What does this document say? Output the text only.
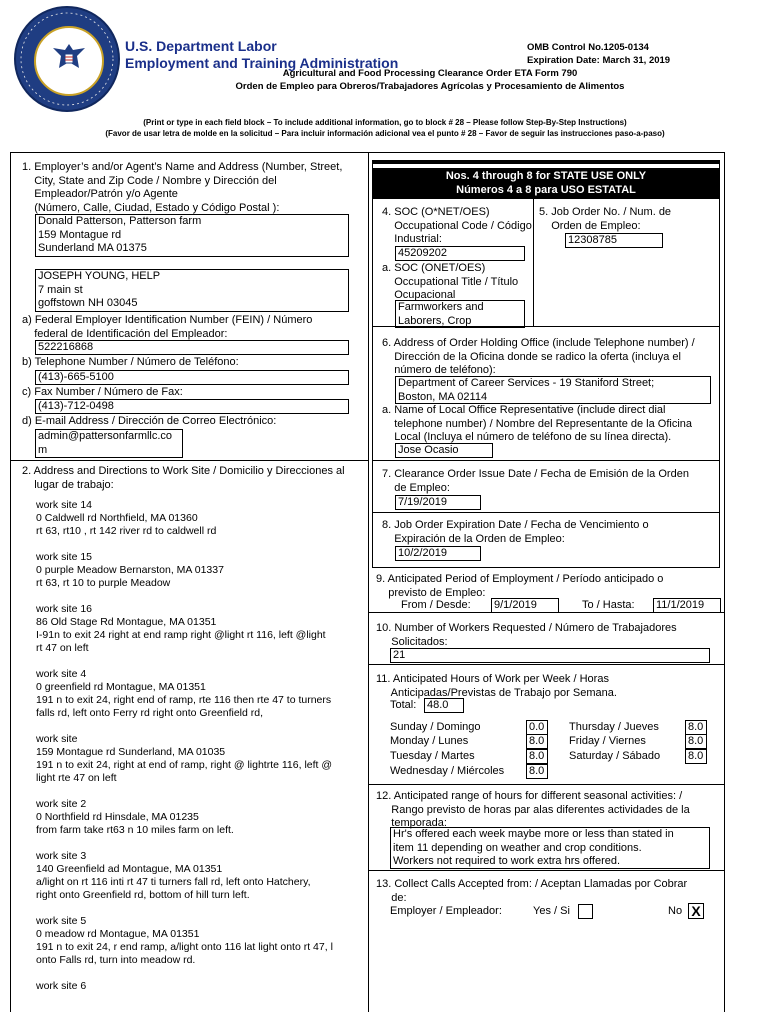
U.S. Department Labor
Employment and Training Administration
OMB Control No.1205-0134
Expiration Date: March 31, 2019
Agricultural and Food Processing Clearance Order ETA Form 790
Orden de Empleo para Obreros/Trabajadores Agrícolas y Procesamiento de Alimentos
(Print or type in each field block – To include additional information, go to block # 28 – Please follow Step-By-Step Instructions)
(Favor de usar letra de molde en la solicitud – Para incluir información adicional vea el punto # 28 – Favor de seguir las instrucciones paso-a-paso)
1. Employer’s and/or Agent’s Name and Address (Number, Street,
City, State and Zip Code / Nombre y Dirección del
Empleador/Patrón y/o Agente
(Número, Calle, Ciudad, Estado y Código Postal ):
Donald Patterson, Patterson farm
159 Montague rd
Sunderland MA 01375
JOSEPH YOUNG, HELP
7 main st
goffstown NH 03045
a) Federal Employer Identification Number (FEIN) / Número
federal de Identificación del Empleador:
522216868
b) Telephone Number / Número de Teléfono:
(413)-665-5100
c) Fax Number / Número de Fax:
(413)-712-0498
d) E-mail Address / Dirección de Correo Electrónico:
admin@pattersonfarmllc.co
m
2. Address and Directions to Work Site / Domicilio y Direcciones al
lugar de trabajo:
work site 14
0 Caldwell rd Northfield, MA 01360
rt 63, rt10 , rt 142 river rd to caldwell rd

work site 15
0 purple Meadow Bernarston, MA 01337
rt 63, rt 10 to purple Meadow

work site 16
86 Old Stage Rd Montague, MA 01351
I-91n to exit 24 right at end ramp right @light rt 116, left @light
rt 47 on left

work site 4
0 greenfield rd Montague, MA 01351
191 n to exit 24, right end of ramp, rte 116 then rte 47 to turners
falls rd, left onto Ferry rd right onto Greenfield rd,

work site
159 Montague rd Sunderland, MA 01035
191 n to exit 24, right at end of ramp, right @ lightrte 116, left @
light rte 47 on left

work site 2
0 Northfield rd Hinsdale, MA 01235
from farm take rt63 n 10 miles farm on left.

work site 3
140 Greenfield ad Montague, MA 01351
a/light on rt 116 inti rt 47 ti turners fall rd, left onto Hatchery,
right onto Greenfield rd, bottom of hill turn left.

work site 5
0 meadow rd Montague, MA 01351
191 n to exit 24, r end ramp, a/light onto 116 lat light onto rt 47, l
onto Falls rd, turn into meadow rd.

work site 6
Nos. 4 through 8 for STATE USE ONLY
Números 4 a 8 para USO ESTATAL
4. SOC (O*NET/OES)
Occupational Code / Código
Industrial:
45209202
a. SOC (ONET/OES)
Occupational Title / Título
Ocupacional
Farmworkers and
Laborers, Crop
5. Job Order No. / Num. de
Orden de Empleo:
12308785
6. Address of Order Holding Office (include Telephone number) /
Dirección de la Oficina donde se radico la oferta (incluya el
número de teléfono):
Department of Career Services - 19 Staniford Street;
Boston, MA 02114
a. Name of Local Office Representative (include direct dial
telephone number) / Nombre del Representante de la Oficina
Local (Incluya el número de teléfono de su línea directa).
Jose Ocasio
7. Clearance Order Issue Date / Fecha de Emisión de la Orden
de Empleo:
7/19/2019
8. Job Order Expiration Date / Fecha de Vencimiento o
Expiración de la Orden de Empleo:
10/2/2019
9. Anticipated Period of Employment / Período anticipado o
previsto de Empleo:
From / Desde: 9/1/2019	To / Hasta: 11/1/2019
10. Number of Workers Requested / Número de Trabajadores
Solicitados:
21
11. Anticipated Hours of Work per Week / Horas
Anticipadas/Previstas de Trabajo por Semana.
Total: 48.0
Sunday / Domingo	0.0
Monday / Lunes	8.0
Tuesday / Martes	8.0
Wednesday / Miércoles 8.0
Thursday / Jueves	8.0
Friday / Viernes	8.0
Saturday / Sábado	8.0
12. Anticipated range of hours for different seasonal activities: /
Rango previsto de horas par alas diferentes actividades de la
temporada:
Hr's offered each week maybe more or less than stated in
item 11 depending on weather and crop conditions.
Workers not required to work extra hrs offered.
13. Collect Calls Accepted from: / Aceptan Llamadas por Cobrar
de:
Employer / Empleador:	Yes / Si	No X
